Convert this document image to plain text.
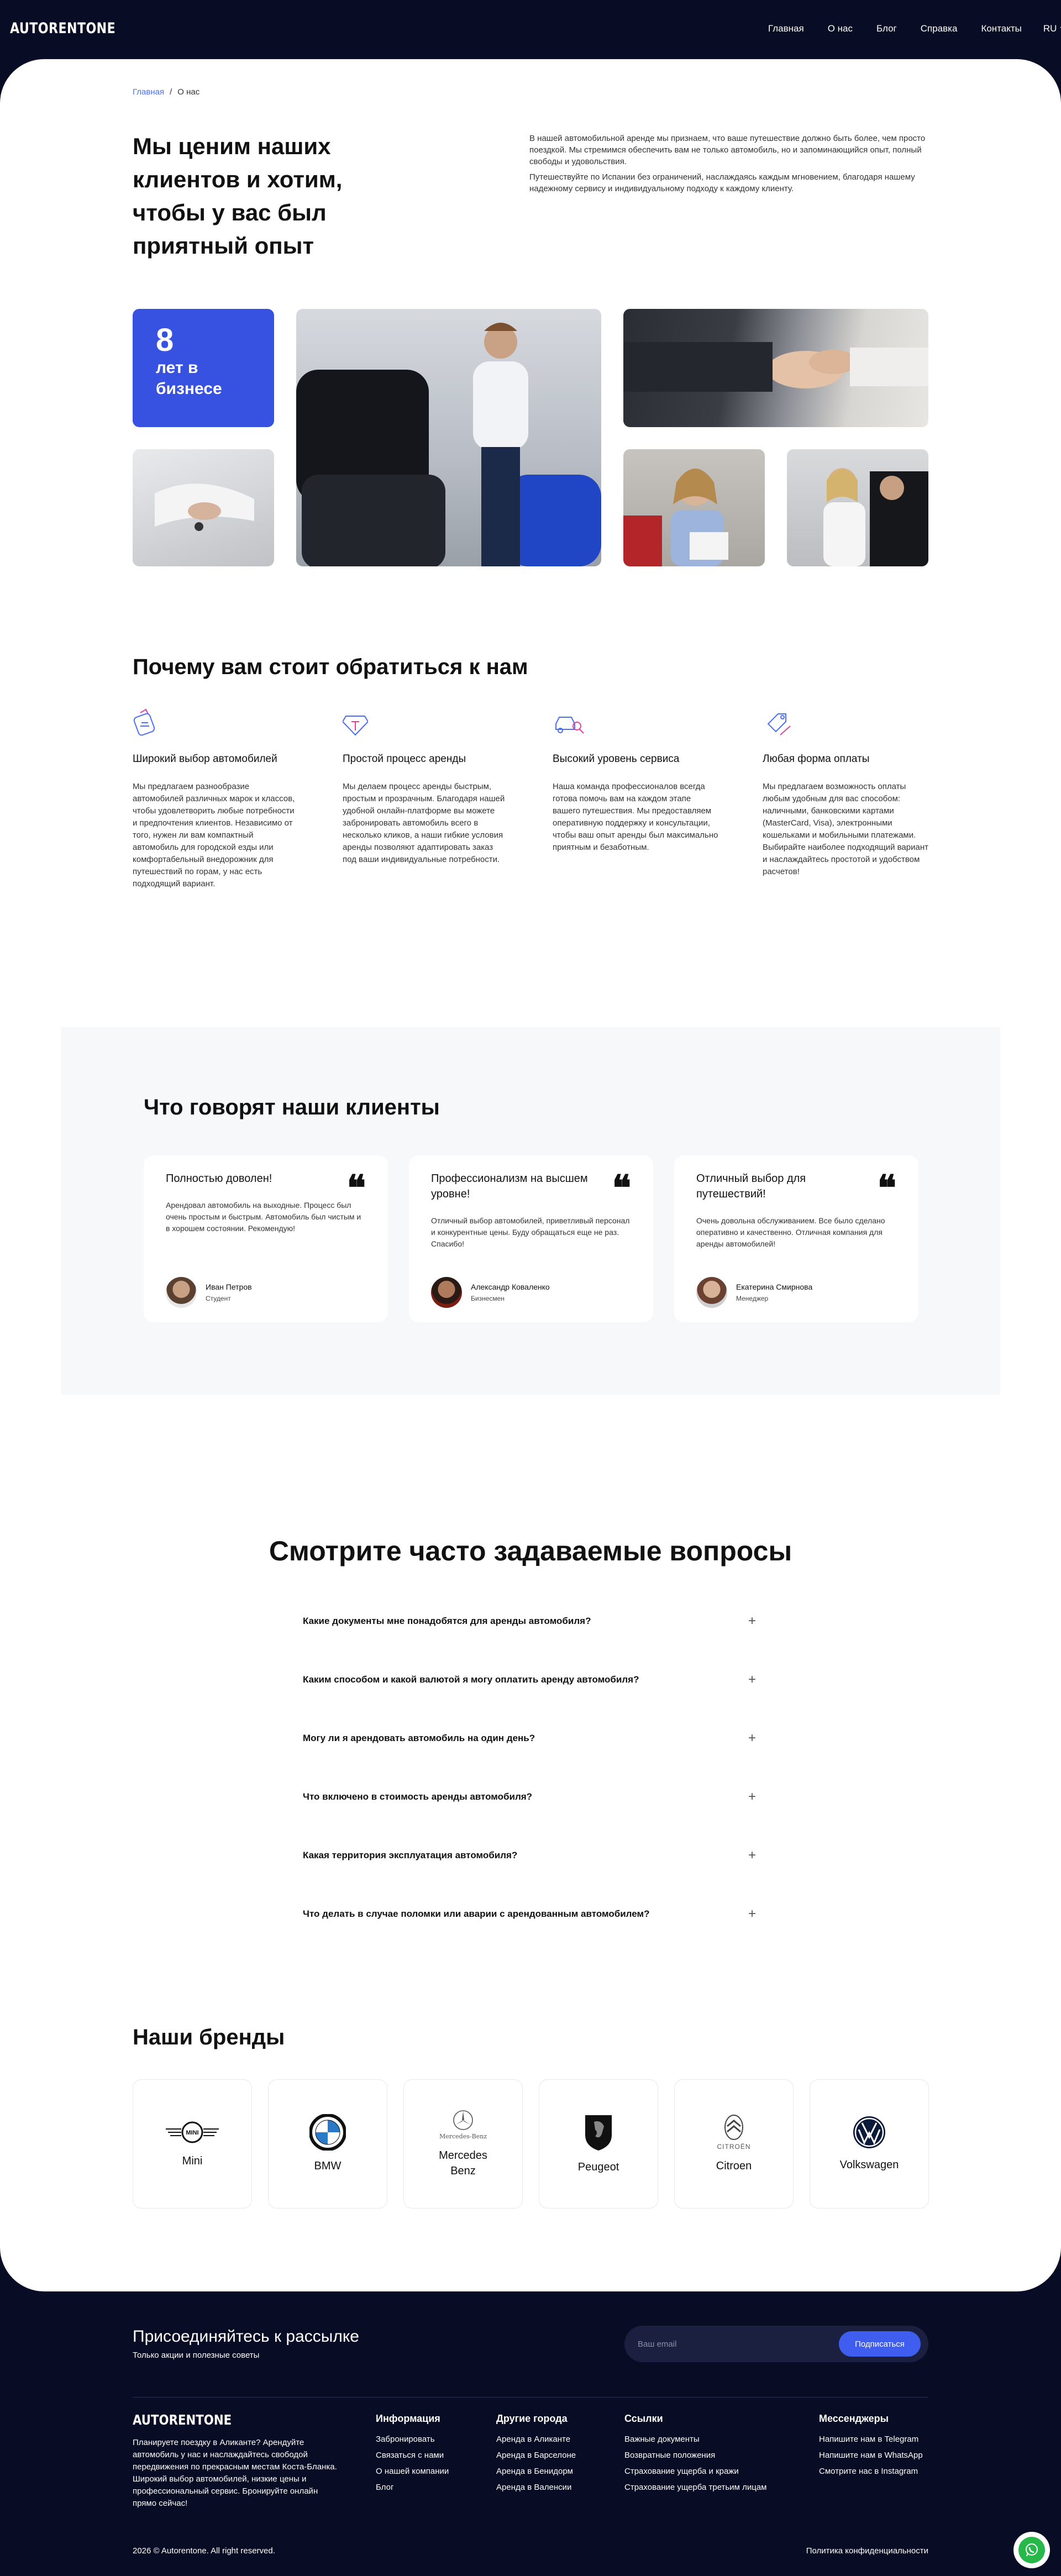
AUTORENTONE	Главная	О нас	Блог	Справка	Контакты RU
Главная / О нас
Мы ценим наших клиентов и хотим, чтобы у вас был приятный опыт

В нашей автомобильной аренде мы признаем, что ваше путешествие должно быть более, чем просто поездкой. Мы стремимся обеспечить вам не только автомобиль, но и запоминающийся опыт, полный свободы и удовольствия.

Путешествуйте по Испании без ограничений, наслаждаясь каждым мгновением, благодаря нашему надежному сервису и индивидуальному подходу к каждому клиенту.

8
лет в бизнесе
Почему вам стоит обратиться к нам
Широкий выбор автомобилей
Мы предлагаем разнообразие автомобилей различных марок и классов, чтобы удовлетворить любые потребности и предпочтения клиентов. Независимо от того, нужен ли вам компактный автомобиль для городской езды или комфортабельный внедорожник для путешествий по горам, у нас есть подходящий вариант.
Простой процесс аренды
Мы делаем процесс аренды быстрым, простым и прозрачным. Благодаря нашей удобной онлайн-платформе вы можете забронировать автомобиль всего в несколько кликов, а наши гибкие условия аренды позволяют адаптировать заказ под ваши индивидуальные потребности.
Высокий уровень сервиса
Наша команда профессионалов всегда готова помочь вам на каждом этапе вашего путешествия. Мы предоставляем оперативную поддержку и консультации, чтобы ваш опыт аренды был максимально приятным и безаботным.
Любая форма оплаты
Мы предлагаем возможность оплаты любым удобным для вас способом: наличными, банковскими картами (MasterCard, Visa), электронными кошельками и мобильными платежами. Выбирайте наиболее подходящий вариант и наслаждайтесь простотой и удобством расчетов!
Что говорят наши клиенты
Полностью доволен!	❝
Арендовал автомобиль на выходные. Процесс был очень простым и быстрым. Автомобиль был чистым и в хорошем состоянии. Рекомендую!
Иван Петров
Студент
Профессионализм на высшем уровне!	❝
Отличный выбор автомобилей, приветливый персонал и конкурентные цены. Буду обращаться еще не раз. Спасибо!
Александр Коваленко
Бизнесмен
Отличный выбор для путешествий!	❝
Очень довольна обслуживанием. Все было сделано оперативно и качественно. Отличная компания для аренды автомобилей!
Екатерина Смирнова
Менеджер
Смотрите часто задаваемые вопросы
Какие документы мне понадобятся для аренды автомобиля?	+
Каким способом и какой валютой я могу оплатить аренду автомобиля?	+
Могу ли я арендовать автомобиль на один день?	+
Что включено в стоимость аренды автомобиля?	+
Какая территория эксплуатация автомобиля?	+
Что делать в случае поломки или аварии с арендованным автомобилем?	+
Наши бренды
MINI
Mini	BMW
Mercedes-Benz
Mercedes Benz	Peugeot
CITROËN
Citroen	Volkswagen
Присоединяйтесь к рассылке
Только акции и полезные советы
Ваш email
Подписаться
AUTORENTONE
Планируете поездку в Аликанте? Арендуйте автомобиль у нас и наслаждайтесь свободой передвижения по прекрасным местам Коста-Бланка. Широкий выбор автомобилей, низкие цены и профессиональный сервис. Бронируйте онлайн прямо сейчас!
Информация
Забронировать
Связаться с нами
О нашей компании
Блог
Другие города
Аренда в Аликанте
Аренда в Барселоне
Аренда в Бенидорм
Аренда в Валенсии
Ссылки
Важные документы
Возвратные положения
Страхование ущерба и кражи
Страхование ущерба третьим лицам
Мессенджеры
Напишите нам в Telegram
Напишите нам в WhatsApp
Смотрите нас в Instagram
2026 © Autorentone. All right reserved.	Политика конфиденциальности
